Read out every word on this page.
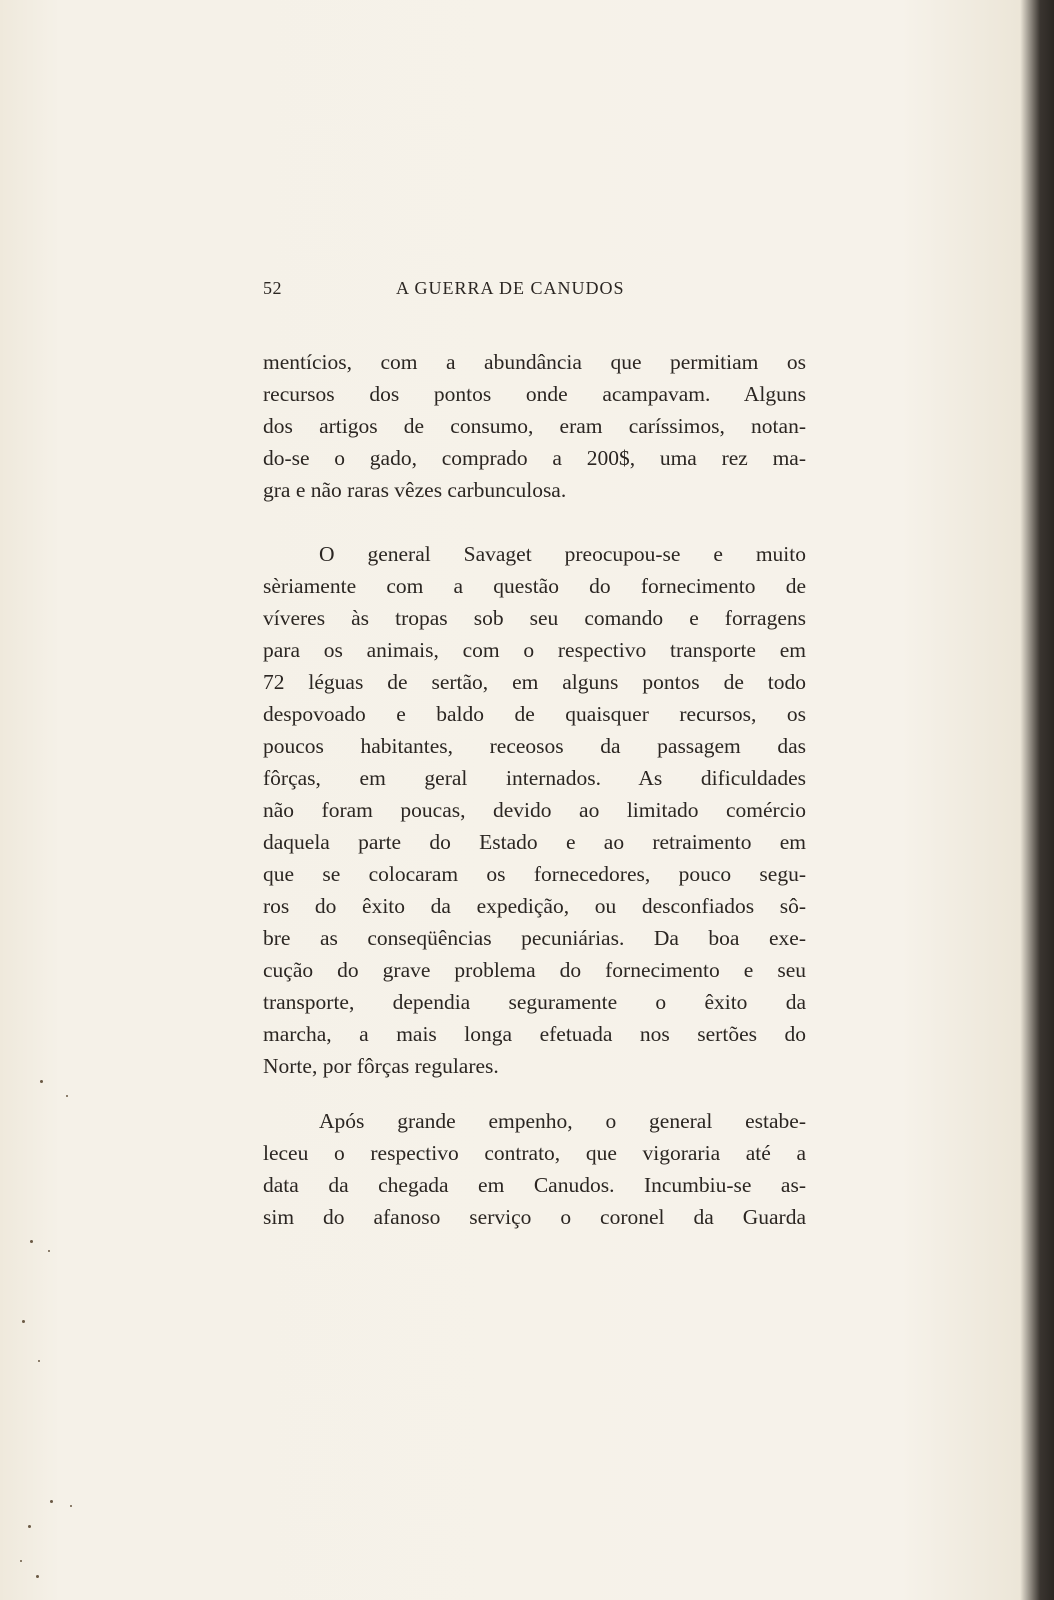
52	A GUERRA DE CANUDOS
mentícios, com a abundância que permitiam os
recursos dos pontos onde acampavam. Alguns
dos artigos de consumo, eram caríssimos, notan-
do-se o gado, comprado a 200$, uma rez ma-
gra e não raras vêzes carbunculosa.
O general Savaget preocupou-se e muito
sèriamente com a questão do fornecimento de
víveres às tropas sob seu comando e forragens
para os animais, com o respectivo transporte em
72 léguas de sertão, em alguns pontos de todo
despovoado e baldo de quaisquer recursos, os
poucos habitantes, receosos da passagem das
fôrças, em geral internados. As dificuldades
não foram poucas, devido ao limitado comércio
daquela parte do Estado e ao retraimento em
que se colocaram os fornecedores, pouco segu-
ros do êxito da expedição, ou desconfiados sô-
bre as conseqüências pecuniárias. Da boa exe-
cução do grave problema do fornecimento e seu
transporte, dependia seguramente o êxito da
marcha, a mais longa efetuada nos sertões do
Norte, por fôrças regulares.
Após grande empenho, o general estabe-
leceu o respectivo contrato, que vigoraria até a
data da chegada em Canudos. Incumbiu-se as-
sim do afanoso serviço o coronel da Guarda
